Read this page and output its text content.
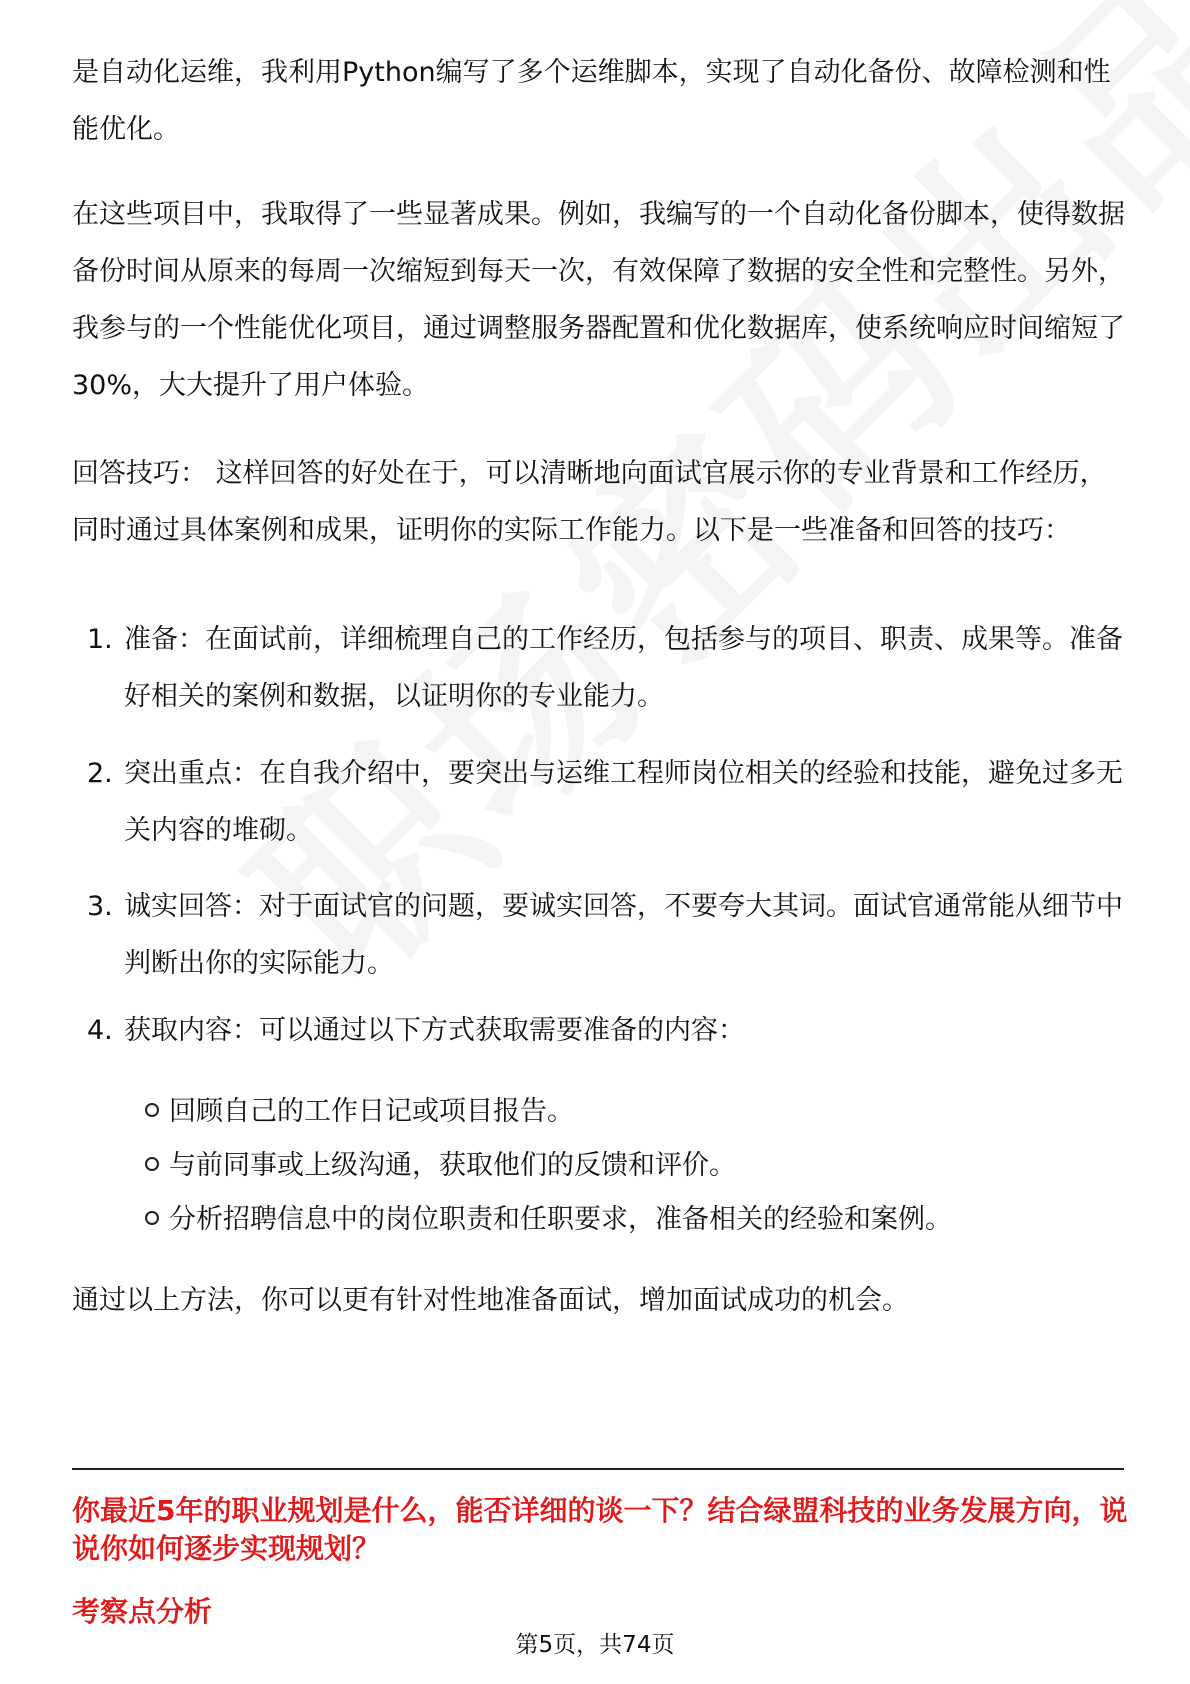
是自动化运维，我利用Python编写了多个运维脚本，实现了自动化备份、故障检测和性能优化。

在这些项目中，我取得了一些显著成果。例如，我编写的一个自动化备份脚本，使得数据备份时间从原来的每周一次缩短到每天一次，有效保障了数据的安全性和完整性。另外，我参与的一个性能优化项目，通过调整服务器配置和优化数据库，使系统响应时间缩短了30%，大大提升了用户体验。

回答技巧： 这样回答的好处在于，可以清晰地向面试官展示你的专业背景和工作经历，同时通过具体案例和成果，证明你的实际工作能力。以下是一些准备和回答的技巧：

1. 准备：在面试前，详细梳理自己的工作经历，包括参与的项目、职责、成果等。准备好相关的案例和数据，以证明你的专业能力。
2. 突出重点：在自我介绍中，要突出与运维工程师岗位相关的经验和技能，避免过多无关内容的堆砌。
3. 诚实回答：对于面试官的问题，要诚实回答，不要夸大其词。面试官通常能从细节中判断出你的实际能力。
4. 获取内容：可以通过以下方式获取需要准备的内容：
回顾自己的工作日记或项目报告。
与前同事或上级沟通，获取他们的反馈和评价。
分析招聘信息中的岗位职责和任职要求，准备相关的经验和案例。

通过以上方法，你可以更有针对性地准备面试，增加面试成功的机会。

你最近5年的职业规划是什么，能否详细的谈一下？结合绿盟科技的业务发展方向，说说你如何逐步实现规划？

考察点分析
第5页，共74页
